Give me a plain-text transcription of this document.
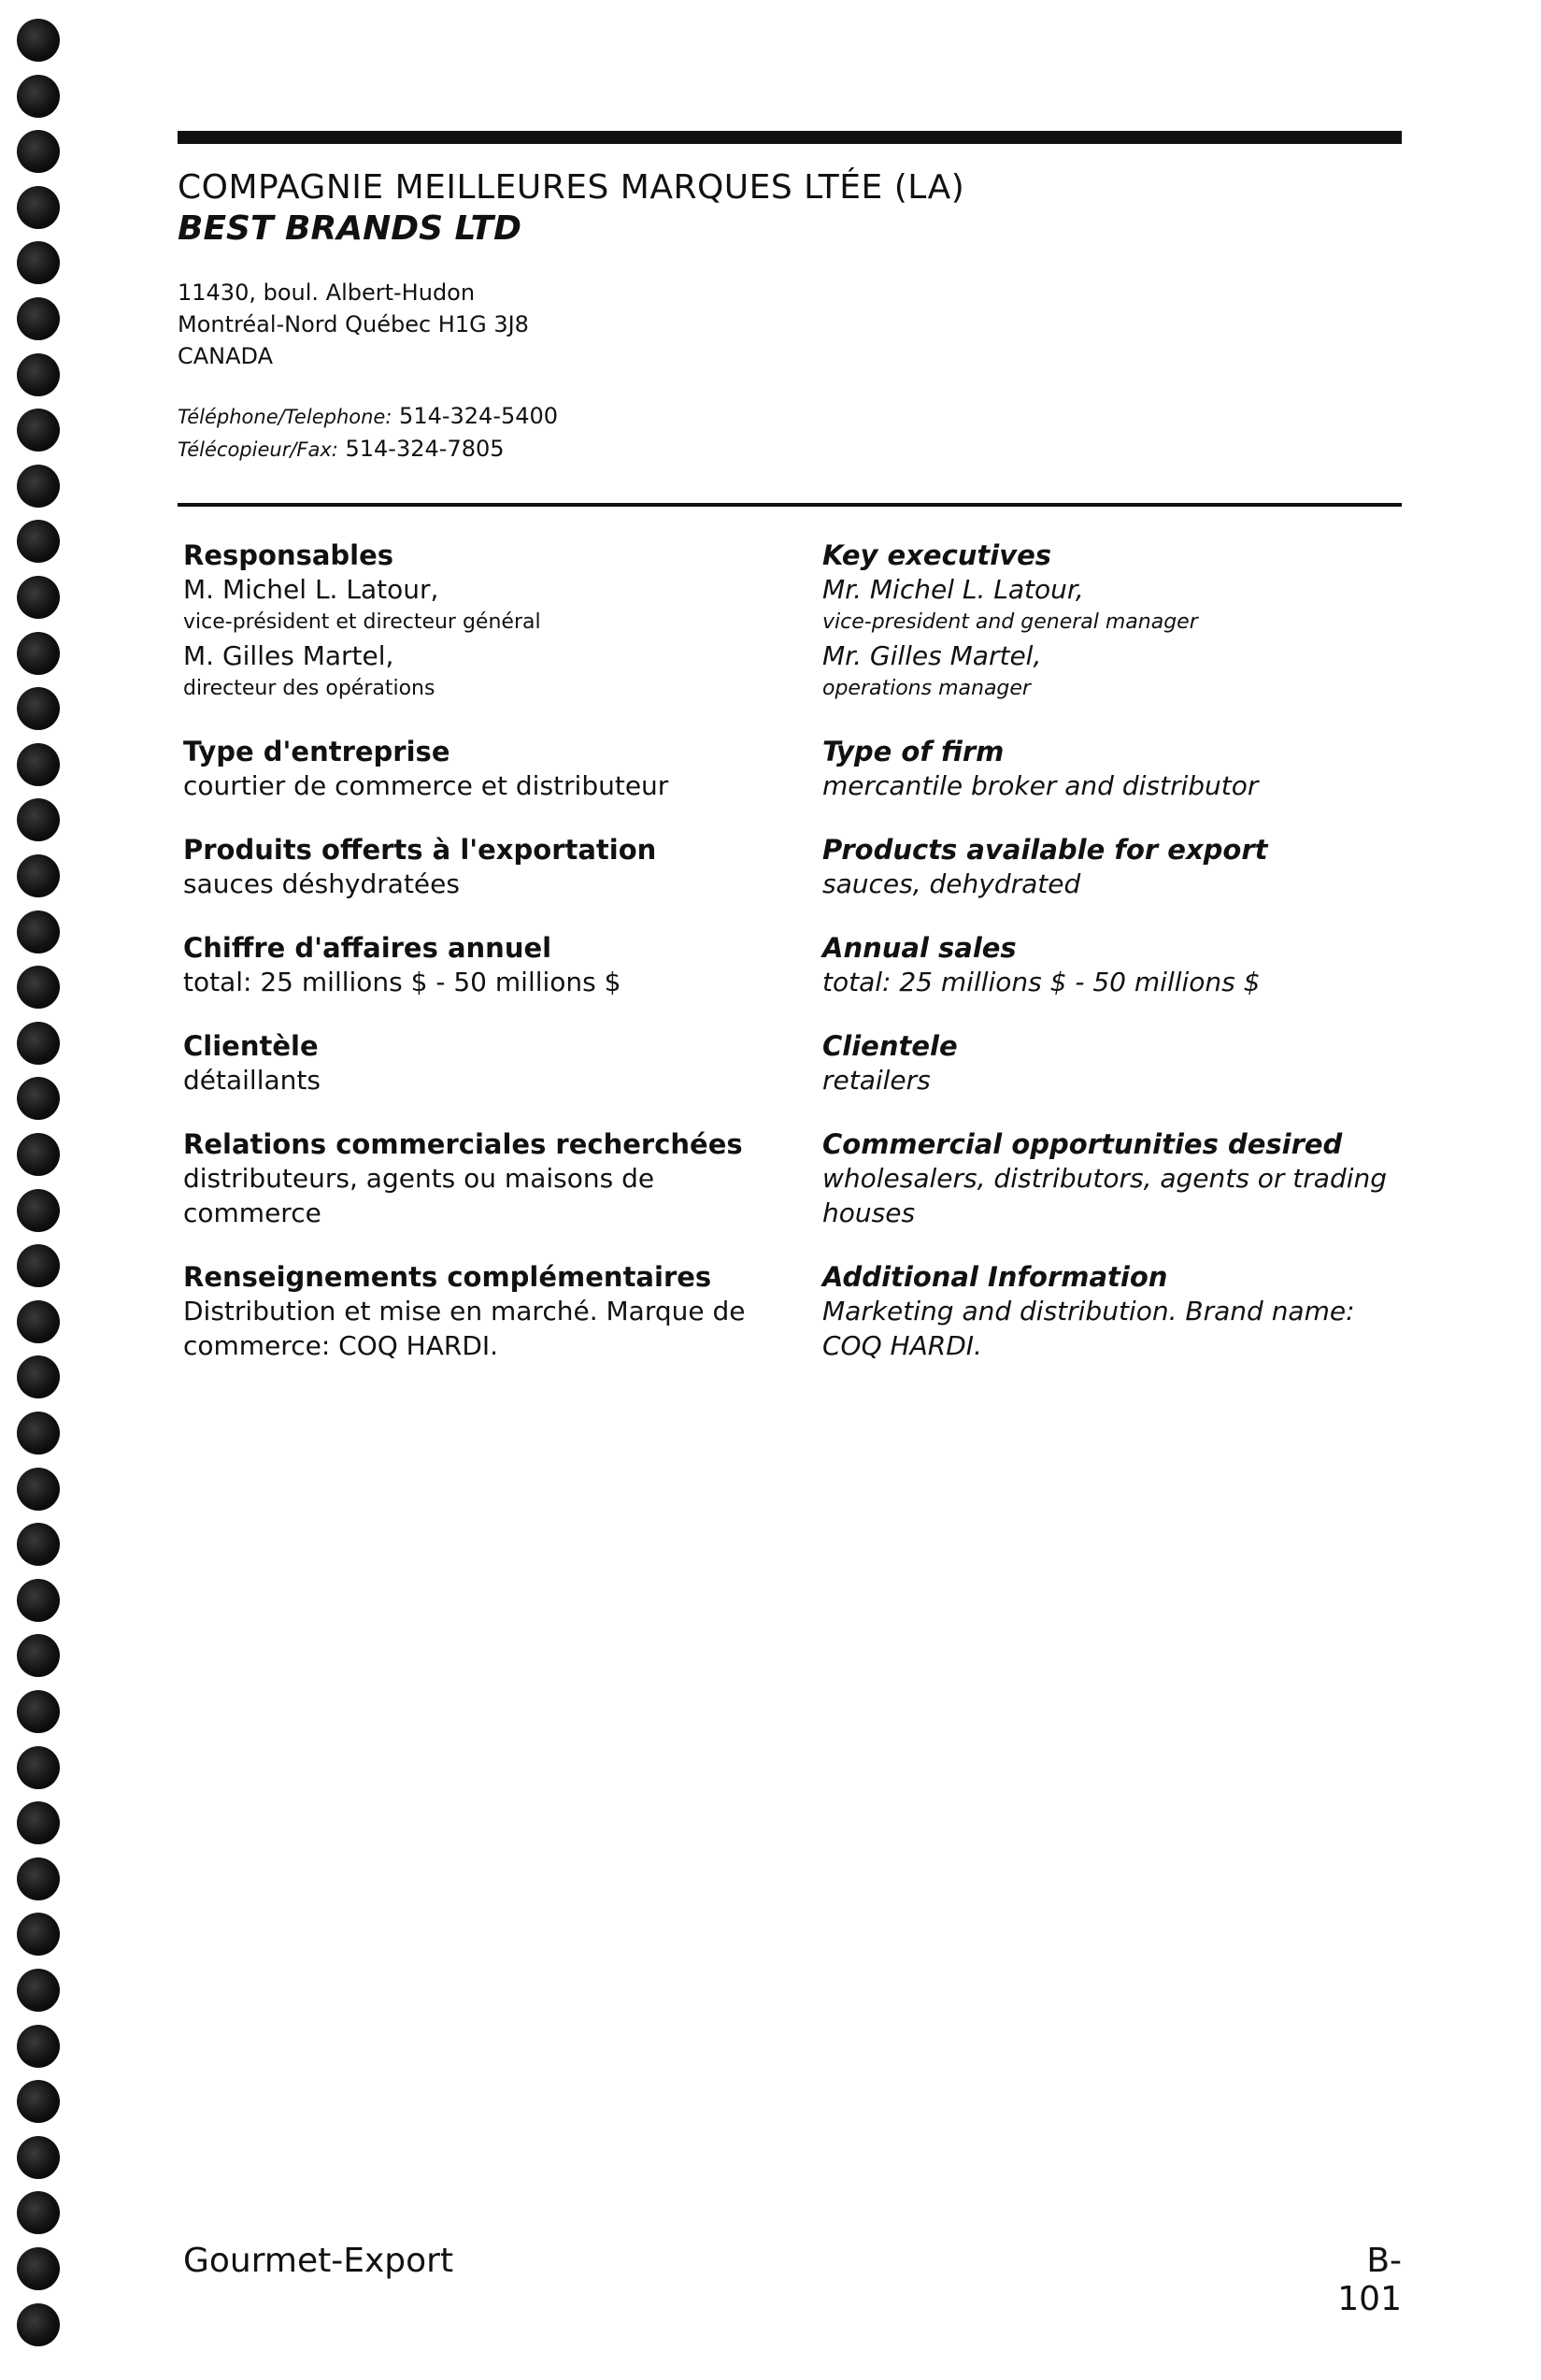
COMPAGNIE MEILLEURES MARQUES LTÉE (LA)
BEST BRANDS LTD
11430, boul. Albert-Hudon
Montréal-Nord Québec H1G 3J8
CANADA
Téléphone/Telephone: 514-324-5400
Télécopieur/Fax: 514-324-7805
Responsables
M. Michel L. Latour,
vice-président et directeur général
M. Gilles Martel,
directeur des opérations
Type d'entreprise
courtier de commerce et distributeur
Produits offerts à l'exportation
sauces déshydratées
Chiffre d'affaires annuel
total: 25 millions $ - 50 millions $
Clientèle
détaillants
Relations commerciales recherchées
distributeurs, agents ou maisons de
commerce
Renseignements complémentaires
Distribution et mise en marché. Marque de
commerce: COQ HARDI.
Key executives
Mr. Michel L. Latour,
vice-president and general manager
Mr. Gilles Martel,
operations manager
Type of firm
mercantile broker and distributor
Products available for export
sauces, dehydrated
Annual sales
total: 25 millions $ - 50 millions $
Clientele
retailers
Commercial opportunities desired
wholesalers, distributors, agents or trading
houses
Additional Information
Marketing and distribution. Brand name:
COQ HARDI.
Gourmet-Export	B-101
